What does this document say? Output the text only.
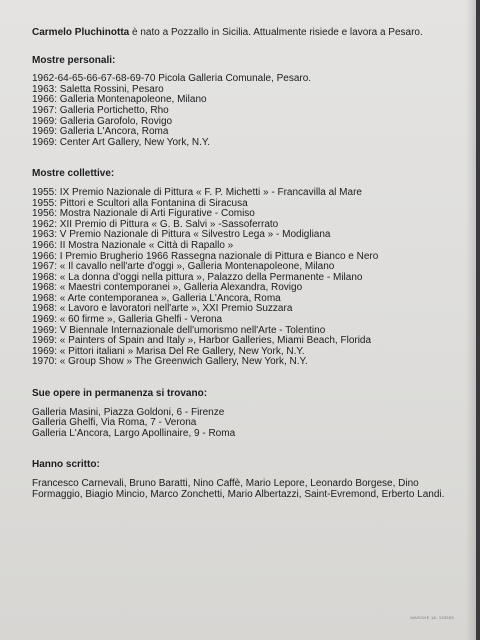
Carmelo Pluchinotta è nato a Pozzallo in Sicilia. Attualmente risiede e lavora a Pesaro.

Mostre personali:
1962-64-65-66-67-68-69-70 Picola Galleria Comunale, Pesaro.
1963: Saletta Rossini, Pesaro
1966: Galleria Montenapoleone, Milano
1967: Galleria Portichetto, Rho
1969: Galleria Garofolo, Rovigo
1969: Galleria L'Ancora, Roma
1969: Center Art Gallery, New York, N.Y.
Mostre collettive:
1955: IX Premio Nazionale di Pittura « F. P. Michetti » - Francavilla al Mare
1955: Pittori e Scultori alla Fontanina di Siracusa
1956: Mostra Nazionale di Arti Figurative - Comiso
1962: XII Premio di Pittura « G. B. Salvi » -Sassoferrato
1963: V Premio Nazionale di Pittura « Silvestro Lega » - Modigliana
1966: II Mostra Nazionale « Città di Rapallo »
1966: I Premio Brugherio 1966 Rassegna nazionale di Pittura e Bianco e Nero
1967: « Il cavallo nell'arte d'oggi », Galleria Montenapoleone, Milano
1968: « La donna d'oggi nella pittura », Palazzo della Permanente - Milano
1968: « Maestri contemporanei », Galleria Alexandra, Rovigo
1968: « Arte contemporanea », Galleria L'Ancora, Roma
1968: « Lavoro e lavoratori nell'arte », XXI Premio Suzzara
1969: « 60 firme », Galleria Ghelfi - Verona
1969: V Biennale Internazionale dell'umorismo nell'Arte - Tolentino
1969: « Painters of Spain and Italy », Harbor Galleries, Miami Beach, Florida
1969: « Pittori italiani » Marisa Del Re Gallery, New York, N.Y.
1970: « Group Show » The Greenwich Gallery, New York, N.Y.
Sue opere in permanenza si trovano:
Galleria Masini, Piazza Goldoni, 6 - Firenze
Galleria Ghelfi, Via Roma, 7 - Verona
Galleria L'Ancora, Largo Apollinaire, 9 - Roma
Hanno scritto:

Francesco Carnevali, Bruno Baratti, Nino Caffè, Mario Lepore, Leonardo Borgese, Dino Formaggio, Biagio Mincio, Marco Zonchetti, Mario Albertazzi, Saint-Evremond, Erberto Landi.

MARCHE 18. 193535
